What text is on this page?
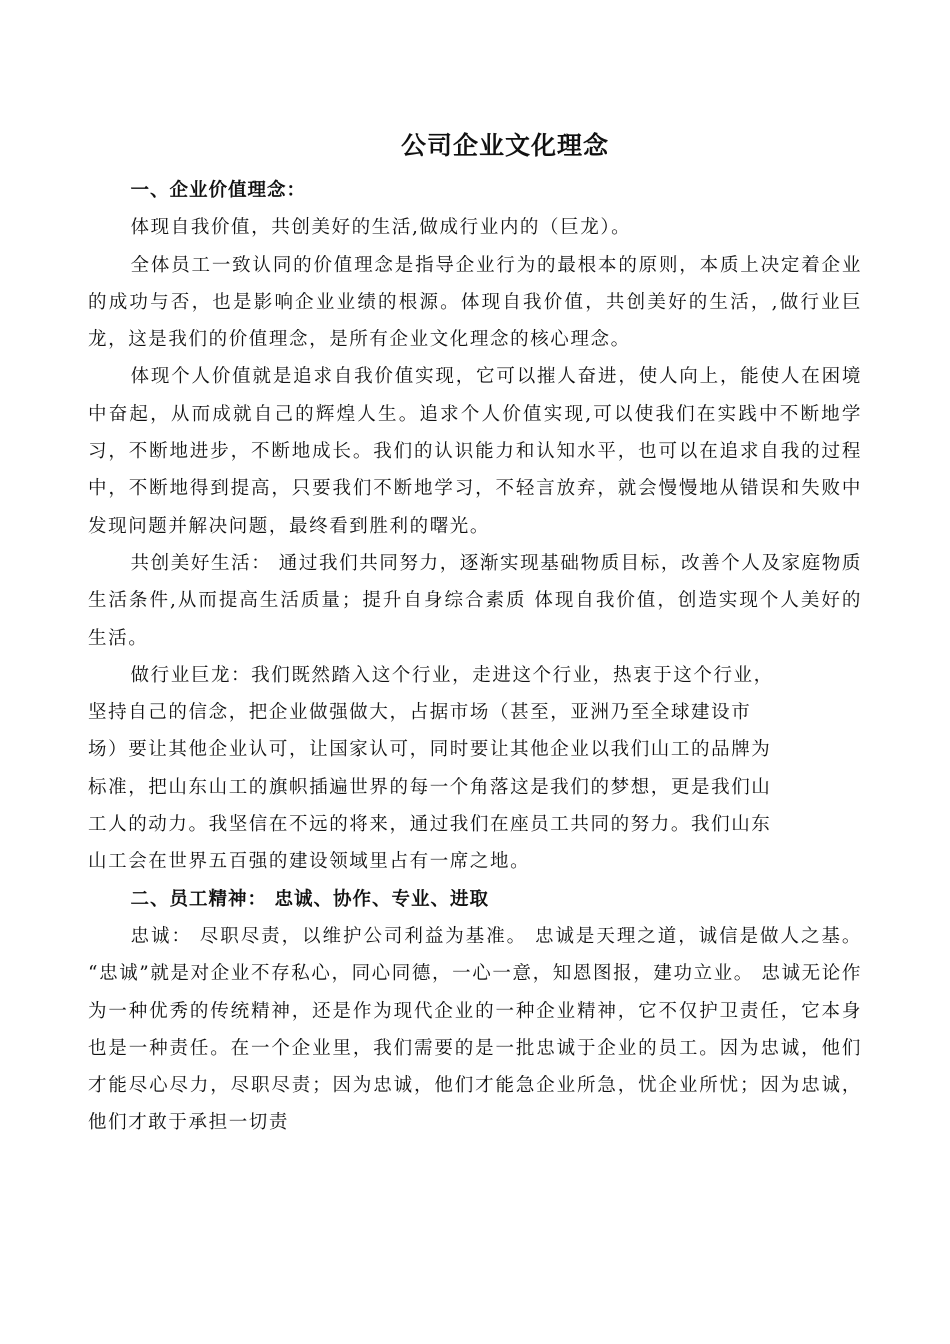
公司企业文化理念

一、企业价值理念：

体现自我价值，共创美好的生活,做成行业内的（巨龙）。

全体员工一致认同的价值理念是指导企业行为的最根本的原则，本质上决定着企业的成功与否，也是影响企业业绩的根源。体现自我价值，共创美好的生活，,做行业巨龙，这是我们的价值理念，是所有企业文化理念的核心理念。

体现个人价值就是追求自我价值实现，它可以摧人奋进，使人向上，能使人在困境中奋起，从而成就自己的辉煌人生。追求个人价值实现,可以使我们在实践中不断地学习，不断地进步，不断地成长。我们的认识能力和认知水平，也可以在追求自我的过程中，不断地得到提高，只要我们不断地学习，不轻言放弃，就会慢慢地从错误和失败中发现问题并解决问题，最终看到胜利的曙光。

共创美好生活： 通过我们共同努力，逐渐实现基础物质目标，改善个人及家庭物质生活条件,从而提高生活质量；提升自身综合素质 体现自我价值，创造实现个人美好的生活。

做行业巨龙：我们既然踏入这个行业，走进这个行业，热衷于这个行业，

坚持自己的信念，把企业做强做大，占据市场（甚至，亚洲乃至全球建设市

场）要让其他企业认可，让国家认可，同时要让其他企业以我们山工的品牌为

标准，把山东山工的旗帜插遍世界的每一个角落这是我们的梦想，更是我们山

工人的动力。我坚信在不远的将来，通过我们在座员工共同的努力。我们山东

山工会在世界五百强的建设领域里占有一席之地。

二、员工精神： 忠诚、协作、专业、进取

忠诚： 尽职尽责，以维护公司利益为基准。 忠诚是天理之道，诚信是做人之基。 “忠诚”就是对企业不存私心，同心同德，一心一意，知恩图报，建功立业。 忠诚无论作为一种优秀的传统精神，还是作为现代企业的一种企业精神，它不仅护卫责任，它本身也是一种责任。在一个企业里，我们需要的是一批忠诚于企业的员工。因为忠诚，他们才能尽心尽力，尽职尽责；因为忠诚，他们才能急企业所急，忧企业所忧；因为忠诚，他们才敢于承担一切责
